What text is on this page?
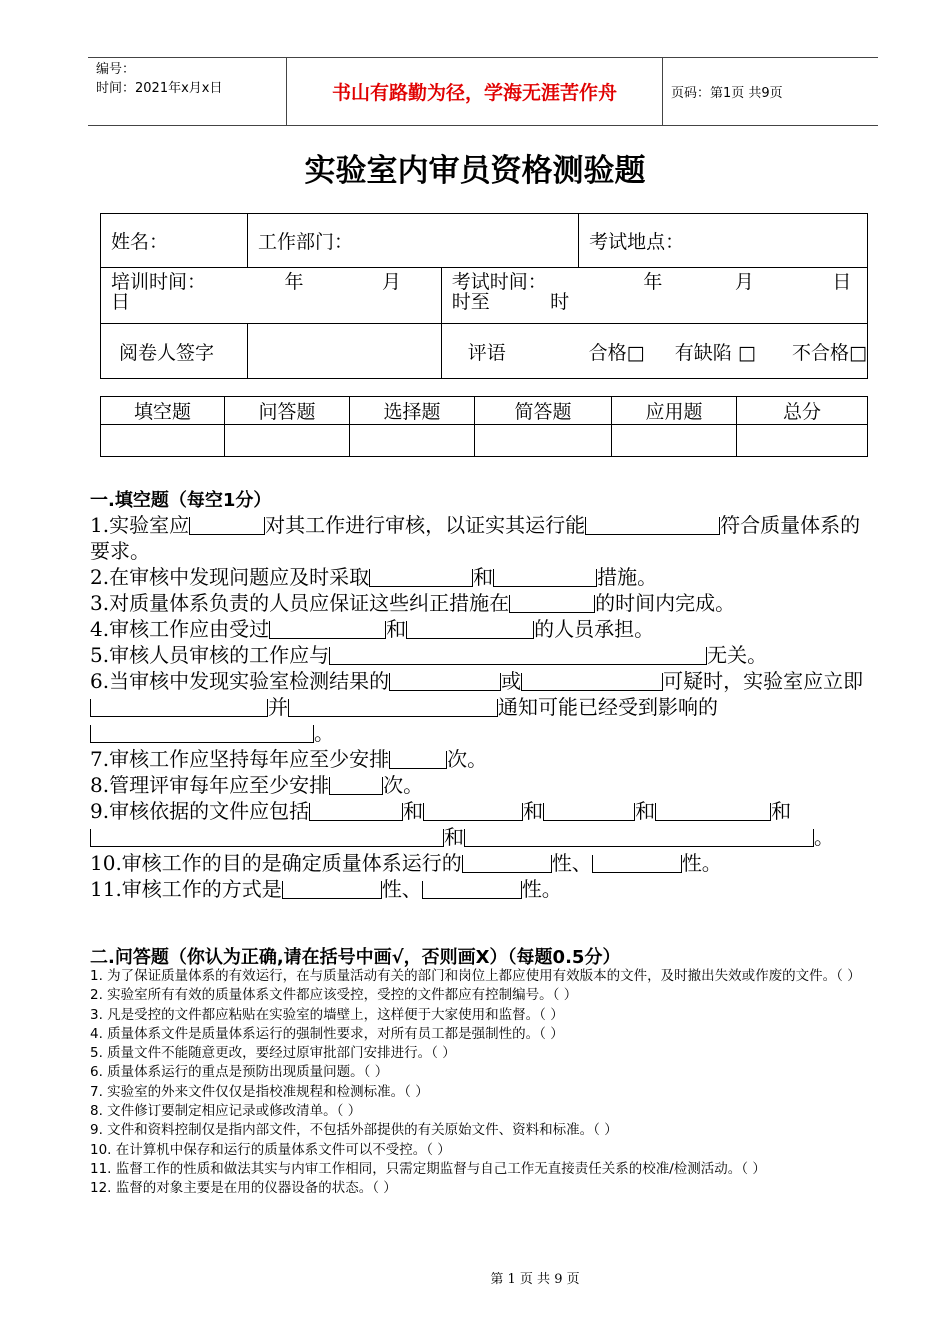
编号：
时间：2021年x月x日	书山有路勤为径，学海无涯苦作舟	页码：第1页 共9页
实验室内审员资格测验题
姓名：	工作部门：		考试地点：
培训时间：             年             月         日		考试时间：                年            月             日时至          时	
阅卷人签字		评语	合格□     有缺陷 □      不合格□
填空题	问答题	选择题	简答题	应用题	总分

一.填空题（每空1分）

1.实验室应	对其工作进行审核，以证实其运行能	符合质量体系的要求。

2.在审核中发现问题应及时采取	和	措施。

3.对质量体系负责的人员应保证这些纠正措施在	的时间内完成。

4.审核工作应由受过	和	的人员承担。

5.审核人员审核的工作应与	无关。

6.当审核中发现实验室检测结果的	或	可疑时，实验室应立即并	通知可能已经受到影响的。

7.审核工作应坚持每年应至少安排	次。

8.管理评审每年应至少安排	次。

9.审核依据的文件应包括	和	和	和	和和	。

10.审核工作的目的是确定质量体系运行的	性、	性。

11.审核工作的方式是	性、	性。

二.问答题（你认为正确,请在括号中画√，否则画X）（每题0.5分）

1. 为了保证质量体系的有效运行，在与质量活动有关的部门和岗位上都应使用有效版本的文件，及时撤出失效或作废的文件。（ ）

2. 实验室所有有效的质量体系文件都应该受控，受控的文件都应有控制编号。（ ）

3. 凡是受控的文件都应粘贴在实验室的墙壁上，这样便于大家使用和监督。（ ）

4. 质量体系文件是质量体系运行的强制性要求，对所有员工都是强制性的。（ ）

5. 质量文件不能随意更改，要经过原审批部门安排进行。（ ）

6. 质量体系运行的重点是预防出现质量问题。（ ）

7. 实验室的外来文件仅仅是指校准规程和检测标准。（ ）

8. 文件修订要制定相应记录或修改清单。（ ）

9. 文件和资料控制仅是指内部文件，不包括外部提供的有关原始文件、资料和标准。（ ）

10. 在计算机中保存和运行的质量体系文件可以不受控。（ ）

11. 监督工作的性质和做法其实与内审工作相同，只需定期监督与自己工作无直接责任关系的校准/检测活动。（ ）

12. 监督的对象主要是在用的仪器设备的状态。（ ）

第 1 页 共 9 页
